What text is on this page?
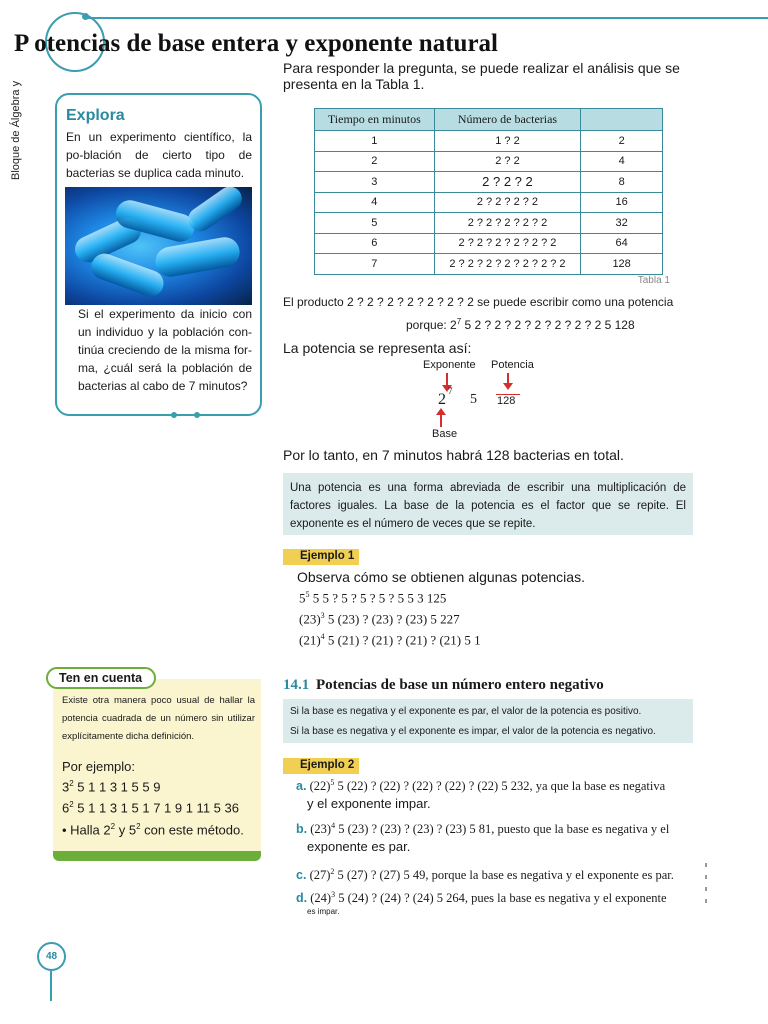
P otencias de base entera y exponente natural
Bloque de Álgebra y	Explora
En un experimento científico, la po-blación de cierto tipo de bacterias se duplica cada minuto.
Si el experimento da inicio con un individuo y la población con-tinúa creciendo de la misma for-ma, ¿cuál será la población de bacterias al cabo de 7 minutos?
Para responder la pregunta, se puede realizar el análisis que se presenta en la Tabla 1.
Tiempo en minutos	Número de bacterias	
1	1 ? 2	2
2	2 ? 2	4
3	2 ? 2 ? 2	8
4	2 ? 2 ? 2 ? 2	16
5	2 ? 2 ? 2 ? 2 ? 2	32
6	2 ? 2 ? 2 ? 2 ? 2 ? 2	64
7	2 ? 2 ? 2 ? 2 ? 2 ? 2 ? 2	128
Tabla 1
El producto 2 ? 2 ? 2 ? 2 ? 2 ? 2 ? 2 se puede escribir como una potencia
porque: $2^7$ 5 2 ? 2 ? 2 ? 2 ? 2 ? 2 ? 2 5 128
La potencia se representa así:
Exponente Potencia
2 7
5 128
Base
Por lo tanto, en 7 minutos habrá 128 bacterias en total.
Una potencia es una forma abreviada de escribir una multiplicación de factores iguales. La base de la potencia es el factor que se repite. El exponente es el número de veces que se repite.
Ejemplo 1
Observa cómo se obtienen algunas potencias.
$5^5$ 5 5 ? 5 ? 5 ? 5 ? 5 5 3 125
$(23)^3$ 5 (23) ? (23) ? (23) 5 227
$(21)^4$ 5 (21) ? (21) ? (21) ? (21) 5 1
Ten en cuenta
Existe otra manera poco usual de hallar la potencia cuadrada de un número sin utilizar explícitamente dicha definición.
Por ejemplo:
$3^2$ 5 1 1 3 1 5 5 9
$6^2$ 5 1 1 3 1 5 1 7 1 9 1 11 5 36
• Halla $2^2$ y $5^2$ con este método.
14.1 Potencias de base un número entero negativo
Si la base es negativa y el exponente es par, el valor de la potencia es positivo.
Si la base es negativa y el exponente es impar, el valor de la potencia es negativo.
Ejemplo 2
a. $(22)^5$ 5 (22) ? (22) ? (22) ? (22) ? (22) 5 232, ya que la base es negativa
y el exponente impar.
b. $(23)^4$ 5 (23) ? (23) ? (23) ? (23) 5 81, puesto que la base es negativa y el
exponente es par.
c. $(27)^2$ 5 (27) ? (27) 5 49, porque la base es negativa y el exponente es par.
d. $(24)^3$ 5 (24) ? (24) ? (24) 5 264, pues la base es negativa y el exponente
es impar.
48
